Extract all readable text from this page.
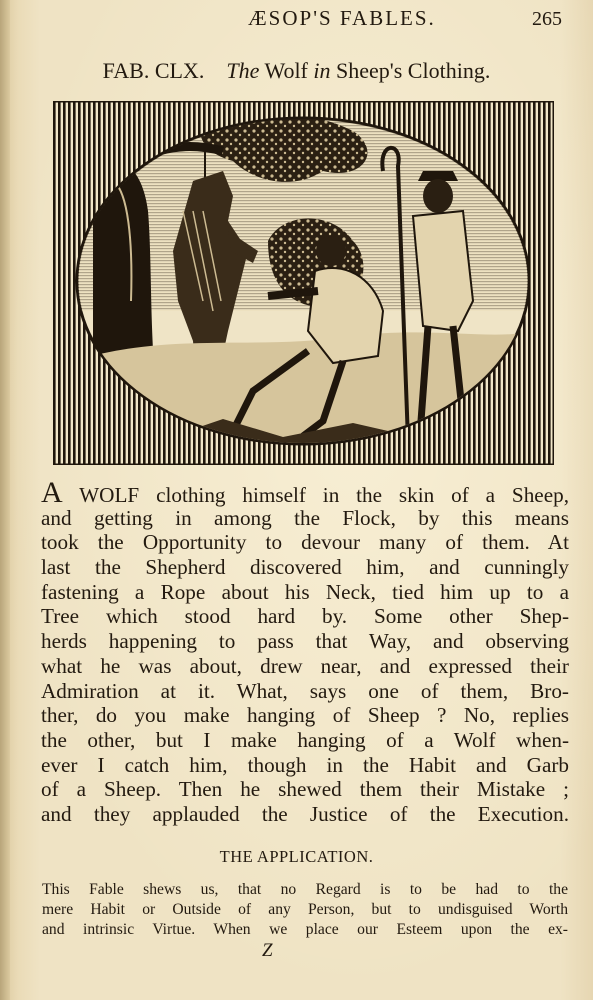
ÆSOP'S FABLES.	265
FAB. CLX. The Wolf in Sheep's Clothing.
A WOLF clothing himself in the skin of a Sheep,
and getting in among the Flock, by this means
took the Opportunity to devour many of them. At
last the Shepherd discovered him, and cunningly
fastening a Rope about his Neck, tied him up to a
Tree which stood hard by. Some other Shep-
herds happening to pass that Way, and observing
what he was about, drew near, and expressed their
Admiration at it. What, says one of them, Bro-
ther, do you make hanging of Sheep ? No, replies
the other, but I make hanging of a Wolf when-
ever I catch him, though in the Habit and Garb
of a Sheep. Then he shewed them their Mistake ;
and they applauded the Justice of the Execution.
THE APPLICATION.
This Fable shews us, that no Regard is to be had to the
mere Habit or Outside of any Person, but to undisguised Worth
and intrinsic Virtue. When we place our Esteem upon the ex-
Z
